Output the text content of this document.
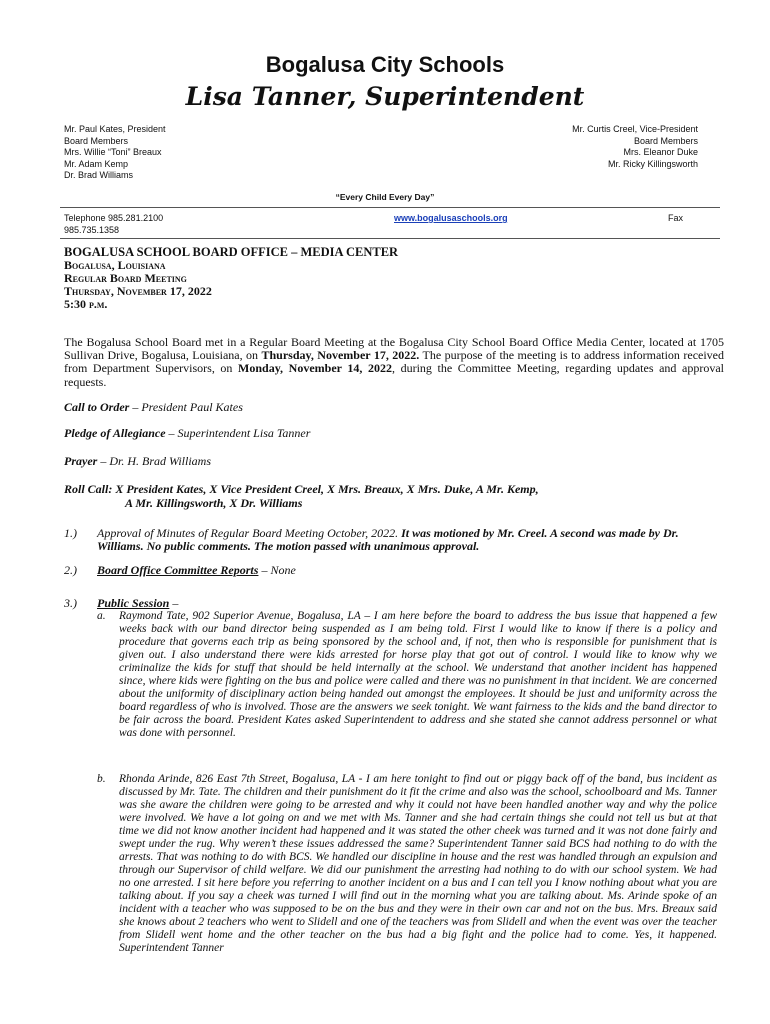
Bogalusa City Schools
Lisa Tanner, Superintendent
Mr. Paul Kates, President
Board Members
Mrs. Willie “Toni” Breaux
Mr. Adam Kemp
Dr. Brad Williams
Mr. Curtis Creel, Vice-President
Board Members
Mrs. Eleanor Duke
Mr. Ricky Killingsworth
“Every Child Every Day”
Telephone 985.281.2100
985.735.1358
www.bogalusaschools.org	Fax
BOGALUSA SCHOOL BOARD OFFICE – MEDIA CENTER
Bogalusa, Louisiana
Regular Board Meeting
Thursday, November 17, 2022
5:30 p.m.
The Bogalusa School Board met in a Regular Board Meeting at the Bogalusa City School Board Office Media Center, located at 1705 Sullivan Drive, Bogalusa, Louisiana, on Thursday, November 17, 2022. The purpose of the meeting is to address information received from Department Supervisors, on Monday, November 14, 2022, during the Committee Meeting, regarding updates and approval requests.
Call to Order – President Paul Kates
Pledge of Allegiance – Superintendent Lisa Tanner
Prayer – Dr. H. Brad Williams
Roll Call: X President Kates, X Vice President Creel, X Mrs. Breaux, X Mrs. Duke, A Mr. Kemp,
A Mr. Killingsworth, X Dr. Williams
1.) Approval of Minutes of Regular Board Meeting October, 2022. It was motioned by Mr. Creel. A second was made by Dr. Williams. No public comments. The motion passed with unanimous approval.
2.) Board Office Committee Reports – None
3.) Public Session –
a. Raymond Tate, 902 Superior Avenue, Bogalusa, LA – I am here before the board to address the bus issue that happened a few weeks back with our band director being suspended as I am being told. First I would like to know if there is a policy and procedure that governs each trip as being sponsored by the school and, if not, then who is responsible for punishment that is given out. I also understand there were kids arrested for horse play that got out of control. I would like to know why we criminalize the kids for stuff that should be held internally at the school. We understand that another incident has happened since, where kids were fighting on the bus and police were called and there was no punishment in that incident. We are concerned about the uniformity of disciplinary action being handed out amongst the employees. It should be just and uniformity across the board regardless of who is involved. Those are the answers we seek tonight. We want fairness to the kids and the band director to be fair across the board. President Kates asked Superintendent to address and she stated she cannot address personnel or what was done with personnel.
b. Rhonda Arinde, 826 East 7th Street, Bogalusa, LA - I am here tonight to find out or piggy back off of the band, bus incident as discussed by Mr. Tate. The children and their punishment do it fit the crime and also was the school, schoolboard and Ms. Tanner was she aware the children were going to be arrested and why it could not have been handled another way and why the police were involved. We have a lot going on and we met with Ms. Tanner and she had certain things she could not tell us but at that time we did not know another incident had happened and it was stated the other cheek was turned and it was not done fairly and swept under the rug. Why weren’t these issues addressed the same? Superintendent Tanner said BCS had nothing to do with the arrests. That was nothing to do with BCS. We handled our discipline in house and the rest was handled through an expulsion and through our Supervisor of child welfare. We did our punishment the arresting had nothing to do with our school system. We had no one arrested. I sit here before you referring to another incident on a bus and I can tell you I know nothing about what you are talking about. If you say a cheek was turned I will find out in the morning what you are talking about. Ms. Arinde spoke of an incident with a teacher who was supposed to be on the bus and they were in their own car and not on the bus. Mrs. Breaux said she knows about 2 teachers who went to Slidell and one of the teachers was from Slidell and when the event was over the teacher from Slidell went home and the other teacher on the bus had a big fight and the police had to come. Yes, it happened. Superintendent Tanner
